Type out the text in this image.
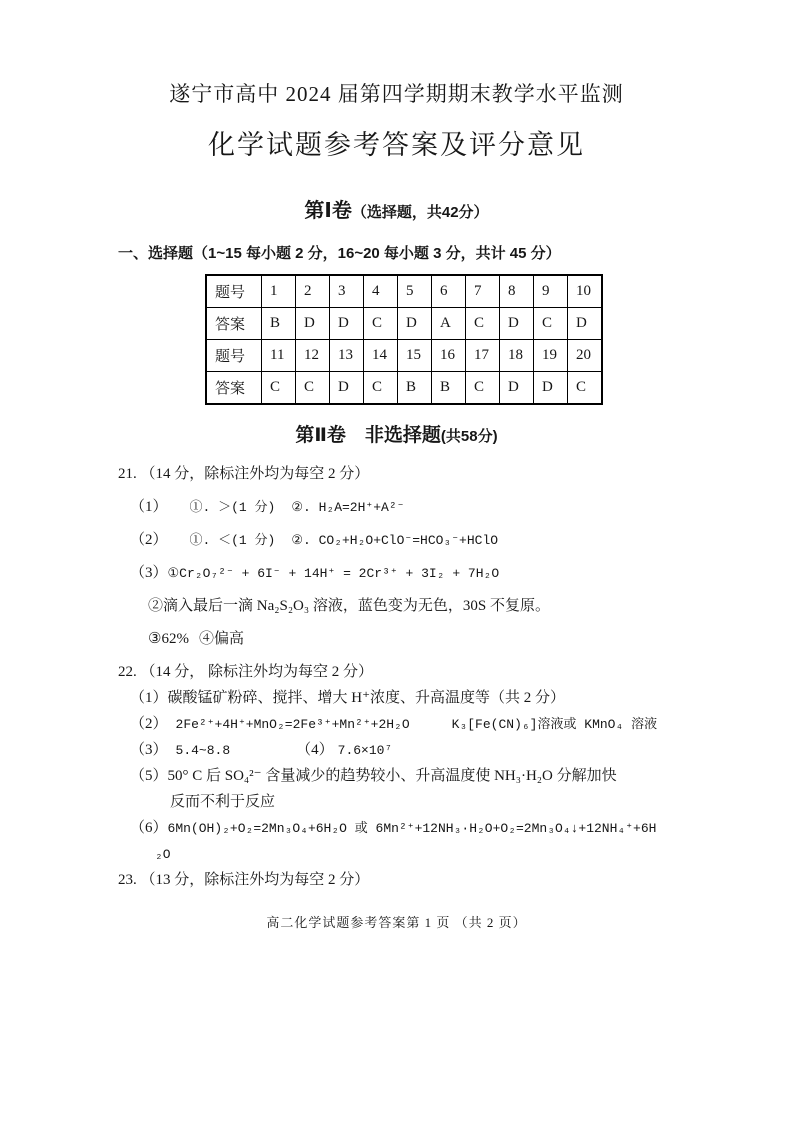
遂宁市高中 2024 届第四学期期末教学水平监测
化学试题参考答案及评分意见
第Ⅰ卷（选择题，共42分）
一、选择题（1~15 每小题 2 分，16~20 每小题 3 分，共计 45 分）
题号	1	2	3	4	5	6	7	8	9	10
答案	B	D	D	C	D	A	C	D	C	D
题号	11	12	13	14	15	16	17	18	19	20
答案	C	C	D	C	B	B	C	D	D	C
第Ⅱ卷　非选择题(共58分)
21. （14 分，除标注外均为每空 2 分）
（1） ①. ＞(1 分) ②. H₂A=2H⁺+A²⁻
（2） ①. ＜(1 分) ②. CO₂+H₂O+ClO⁻=HCO₃⁻+HClO
（3）①Cr₂O₇²⁻ + 6I⁻ + 14H⁺ = 2Cr³⁺ + 3I₂ + 7H₂O
②滴入最后一滴 Na₂S₂O₃ 溶液，蓝色变为无色，30S 不复原。
③62% ④偏高
22. （14 分， 除标注外均为每空 2 分）
（1）碳酸锰矿粉碎、搅拌、增大 H⁺浓度、升高温度等（共 2 分）
（2） 2Fe²⁺+4H⁺+MnO₂=2Fe³⁺+Mn²⁺+2H₂O	K₃[Fe(CN)₆]溶液或 KMnO₄ 溶液
（3） 5.4~8.8	（4） 7.6×10⁷
（5）50° C 后 SO₄²⁻ 含量减少的趋势较小、升高温度使 NH₃·H₂O 分解加快
反而不利于反应
（6）6Mn(OH)₂+O₂=2Mn₃O₄+6H₂O 或 6Mn²⁺+12NH₃·H₂O+O₂=2Mn₃O₄↓+12NH₄⁺+6H
₂O
23. （13 分，除标注外均为每空 2 分）
高二化学试题参考答案第 1 页 （共 2 页）
